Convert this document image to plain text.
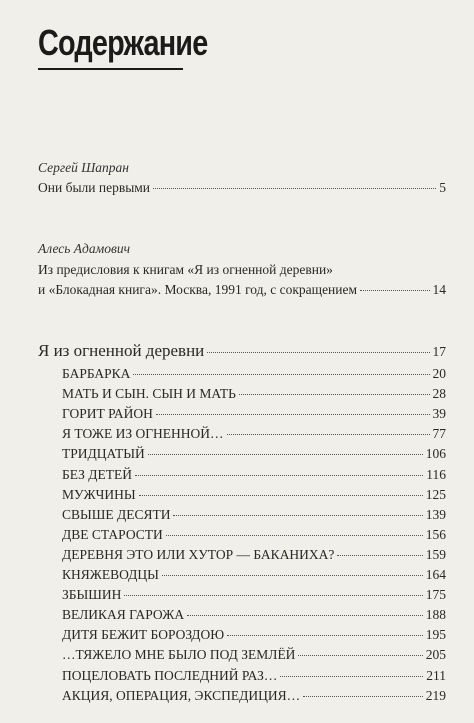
Содержание
Сергей Шапран
Они были первыми	5
Алесь Адамович
Из предисловия к книгам «Я из огненной деревни»
и «Блокадная книга». Москва, 1991 год, с сокращением	14
Я из огненной деревни	17
БАРБАРКА	20
МАТЬ И СЫН. СЫН И МАТЬ	28
ГОРИТ РАЙОН	39
Я ТОЖЕ ИЗ ОГНЕННОЙ…	77
ТРИДЦАТЫЙ	106
БЕЗ ДЕТЕЙ	116
МУЖЧИНЫ	125
СВЫШЕ ДЕСЯТИ	139
ДВЕ СТАРОСТИ	156
ДЕРЕВНЯ ЭТО ИЛИ ХУТОР — БАКАНИХА?	159
КНЯЖЕВОДЦЫ	164
ЗБЫШИН	175
ВЕЛИКАЯ ГАРОЖА	188
ДИТЯ БЕЖИТ БОРОЗДОЮ	195
…ТЯЖЕЛО МНЕ БЫЛО ПОД ЗЕМЛЁЙ	205
ПОЦЕЛОВАТЬ ПОСЛЕДНИЙ РАЗ…	211
АКЦИЯ, ОПЕРАЦИЯ, ЭКСПЕДИЦИЯ…	219
